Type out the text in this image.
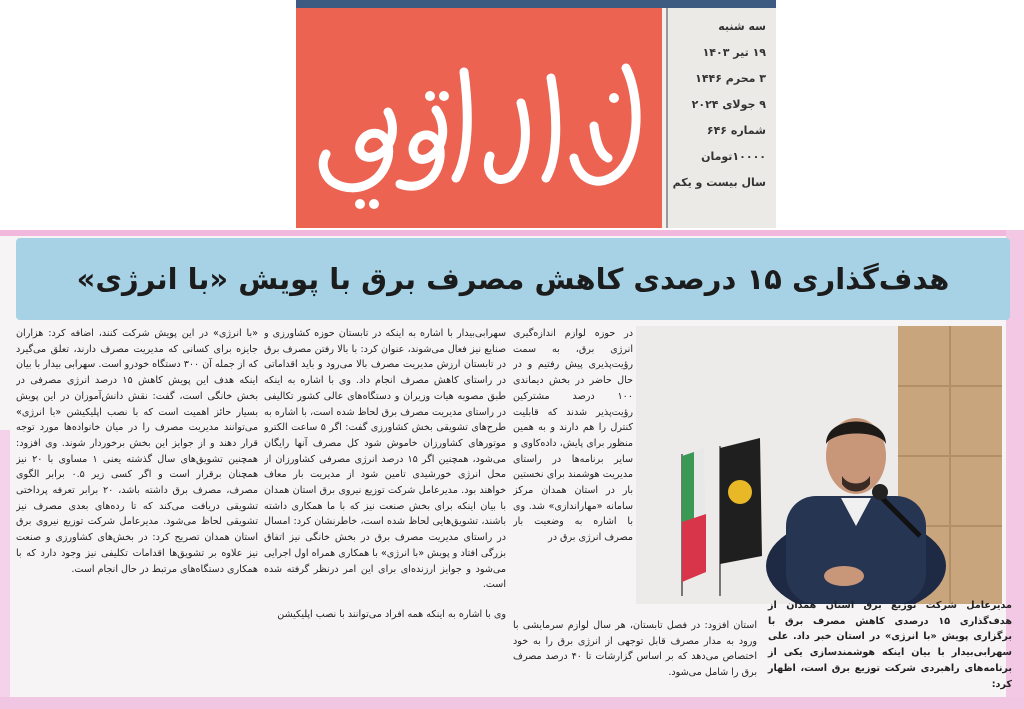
سه شنبه
۱۹ تیر ۱۴۰۳
۳ محرم ۱۴۴۶
۹ جولای ۲۰۲۴
شماره ۶۴۶
۱۰۰۰۰تومان
سال بیست و یکم
هدف‌گذاری ۱۵ درصدی کاهش مصرف برق با پویش «با انرژی»
در حوزه لوازم اندازه‌گیری انرژی برق، به سمت رؤیت‌پذیری پیش رفتیم و در حال حاضر در بخش دیماندی ۱۰۰ درصد مشترکین رؤیت‌پذیر شدند که قابلیت کنترل را هم دارند و به همین منظور برای پایش، داده‌کاوی و سایر برنامه‌ها در راستای مدیریت هوشمند برای نخستین بار در استان همدان مرکز سامانه «مهاراندازی» شد. وی با اشاره به وضعیت بار مصرف انرژی برق در
استان افزود: در فصل تابستان، هر سال لوازم سرمایشی با ورود به مدار مصرف قابل توجهی از انرژی برق را به خود اختصاص می‌دهد که بر اساس گزارشات تا ۴۰ درصد مصرف برق را شامل می‌شود.
مدیرعامل شرکت توزیع برق استان همدان از هدف‌گذاری ۱۵ درصدی کاهش مصرف برق با برگزاری پویش «با انرژی» در استان خبر داد. علی سهرابی‌بیدار با بیان اینکه هوشمندسازی یکی از برنامه‌های راهبردی شرکت توزیع برق است، اظهار کرد:

سهرابی‌بیدار با اشاره به اینکه در تابستان حوزه کشاورزی و صنایع نیز فعال می‌شوند، عنوان کرد: با بالا رفتن مصرف برق در تابستان ارزش مدیریت مصرف بالا می‌رود و باید اقداماتی در راستای کاهش مصرف انجام داد. وی با اشاره به اینکه طبق مصوبه هیات وزیران و دستگاه‌های عالی کشور تکالیفی در راستای مدیریت مصرف برق لحاظ شده است، با اشاره به طرح‌های تشویقی بخش کشاورزی گفت: اگر ۵ ساعت الکترو موتورهای کشاورزان خاموش شود کل مصرف آنها رایگان می‌شود، همچنین اگر ۱۵ درصد انرژی مصرفی کشاورزان از محل انرژی خورشیدی تامین شود از مدیریت بار معاف خواهند بود. مدیرعامل شرکت توزیع نیروی برق استان همدان با بیان اینکه برای بخش صنعت نیز که با ما همکاری داشته باشند، تشویق‌هایی لحاظ شده است، خاطرنشان کرد: امسال در راستای مدیریت مصرف برق در بخش خانگی نیز اتفاق بزرگی افتاد و پویش «با انرژی» با همکاری همراه اول اجرایی می‌شود و جوایز ارزنده‌ای برای این امر درنظر گرفته شده است.

وی با اشاره به اینکه همه افراد می‌توانند با نصب اپلیکیشن

«با انرژی» در این پویش شرکت کنند، اضافه کرد: هزاران جایزه برای کسانی که مدیریت مصرف دارند، تعلق می‌گیرد که از جمله آن ۳۰۰ دستگاه خودرو است. سهرابی بیدار با بیان اینکه هدف این پویش کاهش ۱۵ درصد انرژی مصرفی در بخش خانگی است، گفت: نقش دانش‌آموزان در این پویش بسیار حائز اهمیت است که با نصب اپلیکیشن «با انرژی» می‌توانند مدیریت مصرف را در میان خانواده‌ها مورد توجه قرار دهند و از جوایز این بخش برخوردار شوند. وی افزود: همچنین تشویق‌های سال گذشته یعنی ۱ مساوی با ۲۰ نیز همچنان برقرار است و اگر کسی زیر ۰.۵ برابر الگوی مصرف، مصرف برق داشته باشد، ۲۰ برابر تعرفه پرداختی تشویقی دریافت می‌کند که تا رده‌های بعدی مصرف نیز تشویقی لحاظ می‌شود. مدیرعامل شرکت توزیع نیروی برق استان همدان تصریح کرد: در بخش‌های کشاورزی و صنعت نیز علاوه بر تشویق‌ها اقدامات تکلیفی نیز وجود دارد که با همکاری دستگاه‌های مرتبط در حال انجام است.
